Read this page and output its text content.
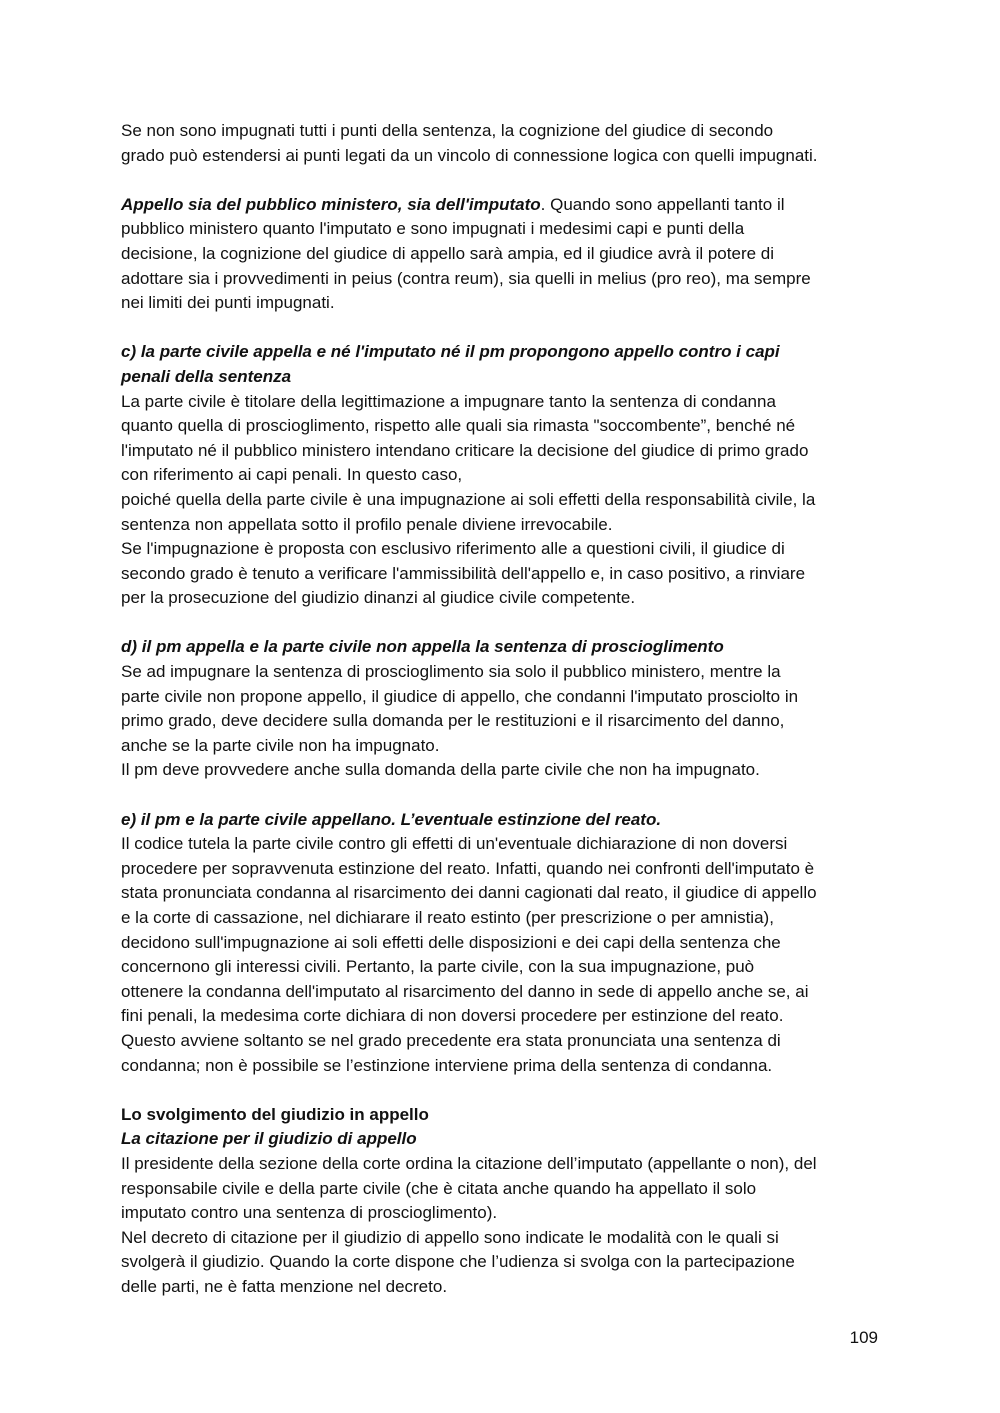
Se non sono impugnati tutti i punti della sentenza, la cognizione del giudice di secondo
grado può estendersi ai punti legati da un vincolo di connessione logica con quelli impugnati.
Appello sia del pubblico ministero, sia dell'imputato. Quando sono appellanti tanto il
pubblico ministero quanto l'imputato e sono impugnati i medesimi capi e punti della
decisione, la cognizione del giudice di appello sarà ampia, ed il giudice avrà il potere di
adottare sia i provvedimenti in peius (contra reum), sia quelli in melius (pro reo), ma sempre
nei limiti dei punti impugnati.
c) la parte civile appella e né l'imputato né il pm propongono appello contro i capi
penali della sentenza
La parte civile è titolare della legittimazione a impugnare tanto la sentenza di condanna
quanto quella di proscioglimento, rispetto alle quali sia rimasta "soccombente”, benché né
l'imputato né il pubblico ministero intendano criticare la decisione del giudice di primo grado
con riferimento ai capi penali. In questo caso,
poiché quella della parte civile è una impugnazione ai soli effetti della responsabilità civile, la
sentenza non appellata sotto il profilo penale diviene irrevocabile.
Se l'impugnazione è proposta con esclusivo riferimento alle a questioni civili, il giudice di
secondo grado è tenuto a verificare l'ammissibilità dell'appello e, in caso positivo, a rinviare
per la prosecuzione del giudizio dinanzi al giudice civile competente.
d) il pm appella e la parte civile non appella la sentenza di proscioglimento
Se ad impugnare la sentenza di proscioglimento sia solo il pubblico ministero, mentre la
parte civile non propone appello, il giudice di appello, che condanni l'imputato prosciolto in
primo grado, deve decidere sulla domanda per le restituzioni e il risarcimento del danno,
anche se la parte civile non ha impugnato.
Il pm deve provvedere anche sulla domanda della parte civile che non ha impugnato.
e) il pm e la parte civile appellano. L’eventuale estinzione del reato.
Il codice tutela la parte civile contro gli effetti di un'eventuale dichiarazione di non doversi
procedere per sopravvenuta estinzione del reato. Infatti, quando nei confronti dell'imputato è
stata pronunciata condanna al risarcimento dei danni cagionati dal reato, il giudice di appello
e la corte di cassazione, nel dichiarare il reato estinto (per prescrizione o per amnistia),
decidono sull'impugnazione ai soli effetti delle disposizioni e dei capi della sentenza che
concernono gli interessi civili. Pertanto, la parte civile, con la sua impugnazione, può
ottenere la condanna dell'imputato al risarcimento del danno in sede di appello anche se, ai
fini penali, la medesima corte dichiara di non doversi procedere per estinzione del reato.
Questo avviene soltanto se nel grado precedente era stata pronunciata una sentenza di
condanna; non è possibile se l’estinzione interviene prima della sentenza di condanna.
Lo svolgimento del giudizio in appello
La citazione per il giudizio di appello
Il presidente della sezione della corte ordina la citazione dell’imputato (appellante o non), del
responsabile civile e della parte civile (che è citata anche quando ha appellato il solo
imputato contro una sentenza di proscioglimento).
Nel decreto di citazione per il giudizio di appello sono indicate le modalità con le quali si
svolgerà il giudizio. Quando la corte dispone che l’udienza si svolga con la partecipazione
delle parti, ne è fatta menzione nel decreto.
109
